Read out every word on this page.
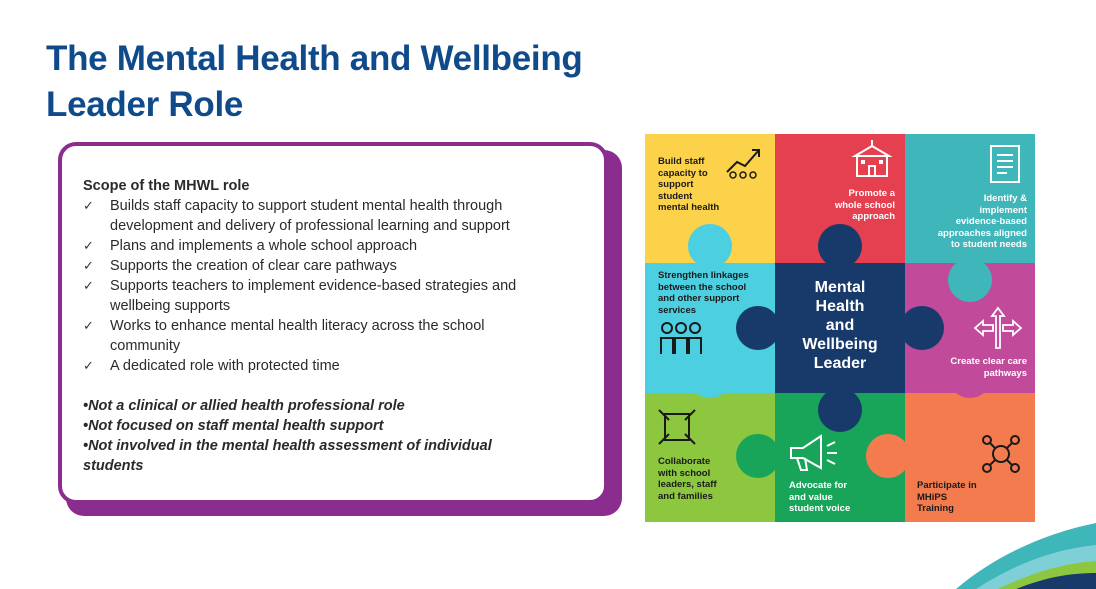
The Mental Health and Wellbeing
Leader Role
Scope of the MHWL role
✓ Builds staff capacity to support student mental health through
development and delivery of professional learning and support
✓ Plans and implements a whole school approach
✓ Supports the creation of clear care pathways
✓ Supports teachers to implement evidence-based strategies and
wellbeing supports
✓ Works to enhance mental health literacy across the school
community
✓ A dedicated role with protected time
•Not a clinical or allied health professional role
•Not focused on staff mental health support
•Not involved in the mental health assessment of individual
students
Build staff
capacity to
support
student
mental health
Promote a
whole school
approach
Identify &
implement
evidence-based
approaches aligned
to student needs
Strengthen linkages
between the school
and other support
services
Mental
Health
and
Wellbeing
Leader	Create clear care
pathways
Collaborate
with school
leaders, staff
and families
Advocate for
and value
student voice
Participate in
MHiPS
Training
